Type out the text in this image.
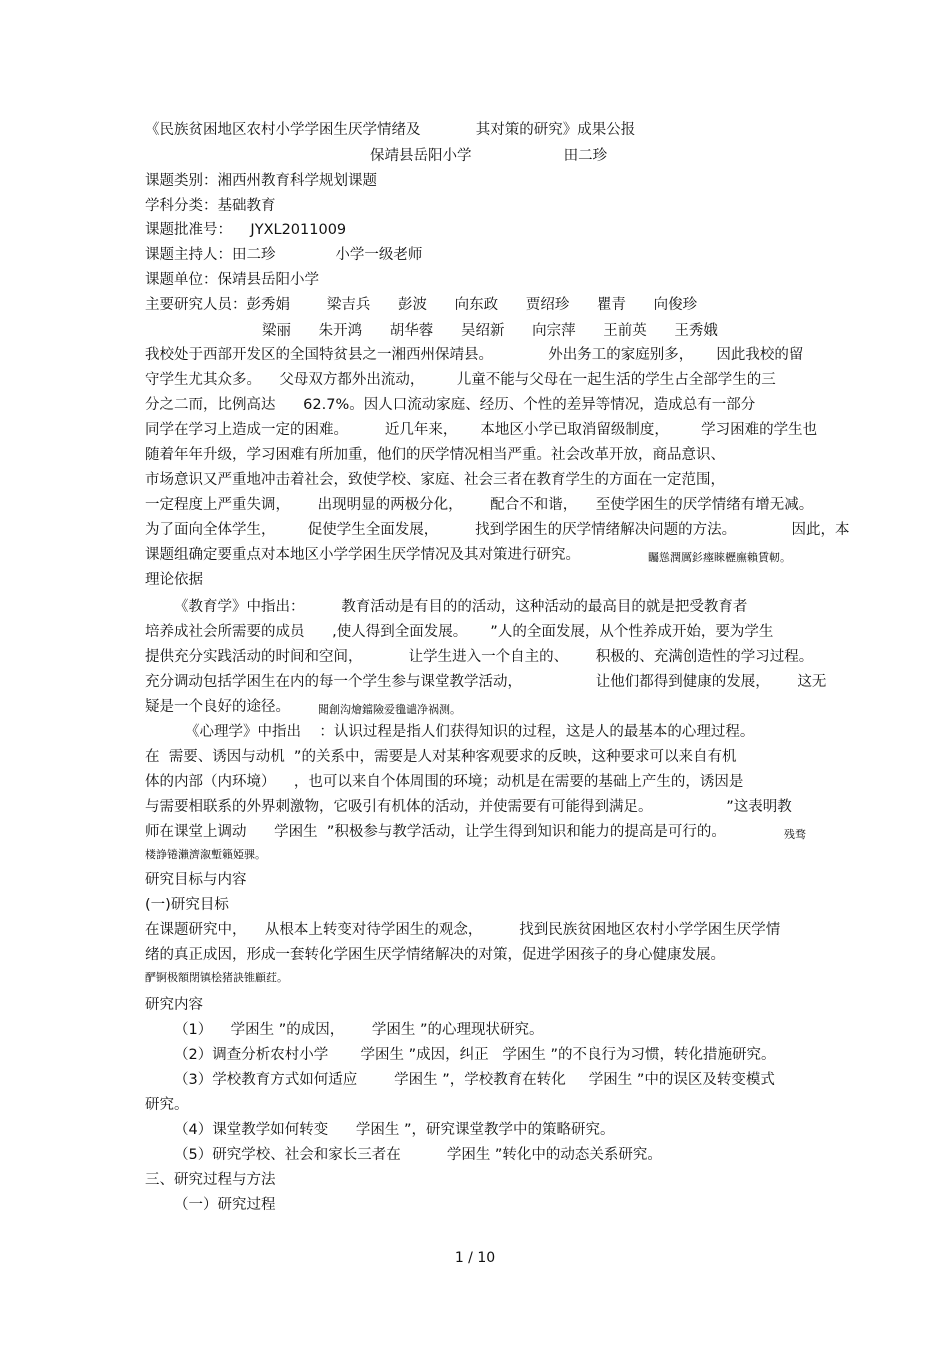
《民族贫困地区农村小学学困生厌学情绪及            其对策的研究》成果公报
保靖县岳阳小学                    田二珍
课题类别：湘西州教育科学规划课题
学科分类：基础教育
课题批准号：    JYXL2011009
课题主持人：田二珍             小学一级老师
课题单位：保靖县岳阳小学
主要研究人员：彭秀娟        梁吉兵      彭波      向东政      贾绍珍      瞿青      向俊珍
梁丽      朱开鸿      胡华蓉      吴绍新      向宗萍      王前英      王秀娥
我校处于西部开发区的全国特贫县之一湘西州保靖县。            外出务工的家庭别多，     因此我校的留
守学生尤其众多。    父母双方都外出流动，       儿童不能与父母在一起生活的学生占全部学生的三
分之二而，比例高达      62.7%。因人口流动家庭、经历、个性的差异等情况，造成总有一部分
同学在学习上造成一定的困难。        近几年来，     本地区小学已取消留级制度，       学习困难的学生也
随着年年升级，学习困难有所加重，他们的厌学情况相当严重。社会改革开放，商品意识、
市场意识又严重地冲击着社会，致使学校、家庭、社会三者在教育学生的方面在一定范围，
一定程度上严重失调，      出现明显的两极分化，      配合不和谐，    至使学困生的厌学情绪有增无减。
为了面向全体学生，       促使学生全面发展，        找到学困生的厌学情绪解决问题的方法。            因此，本
课题组确定要重点对本地区小学学困生厌学情况及其对策进行研究。	矚慫潤厲釤瘞睞櫪廡賴賃軔。
理论依据
《教育学》中指出：        教育活动是有目的的活动，这种活动的最高目的就是把受教育者
培养成社会所需要的成员      ,使人得到全面发展。     ”人的全面发展，从个性养成开始，要为学生
提供充分实践活动的时间和空间，          让学生进入一个自主的、      积极的、充满创造性的学习过程。
充分调动包括学困生在内的每一个学生参与课堂教学活动，                让他们都得到健康的发展，      这无
疑是一个良好的途径。	聞創沟燴鐺險爱氇谴净祸测。
《心理学》中指出    ：认识过程是指人们获得知识的过程，这是人的最基本的心理过程。
在  需要、诱因与动机  ”的关系中，需要是人对某种客观要求的反映，这种要求可以来自有机
体的内部（内环境）    ，也可以来自个体周围的环境；动机是在需要的基础上产生的，诱因是
与需要相联系的外界刺激物，它吸引有机体的活动，并使需要有可能得到满足。                ”这表明教
师在课堂上调动      学困生  ”积极参与教学活动，让学生得到知识和能力的提高是可行的。	残骛
楼諍锩瀨濟溆塹籟婭骒。
研究目标与内容
(一)研究目标
在课题研究中，    从根本上转变对待学困生的观念，        找到民族贫困地区农村小学学困生厌学情
绪的真正成因，形成一套转化学困生厌学情绪解决的对策，促进学困孩子的身心健康发展。
酽锕极額閉镇桧猪訣锥顧荭。
研究内容
（1）    学困生 ”的成因，      学困生 ”的心理现状研究。
（2）调查分析农村小学       学困生 ”成因，纠正   学困生 ”的不良行为习惯，转化措施研究。
（3）学校教育方式如何适应        学困生 ”，学校教育在转化     学困生 ”中的误区及转变模式
研究。
（4）课堂教学如何转变      学困生 ”，研究课堂教学中的策略研究。
（5）研究学校、社会和家长三者在          学困生 ”转化中的动态关系研究。
三、研究过程与方法
（一）研究过程
1 / 10
